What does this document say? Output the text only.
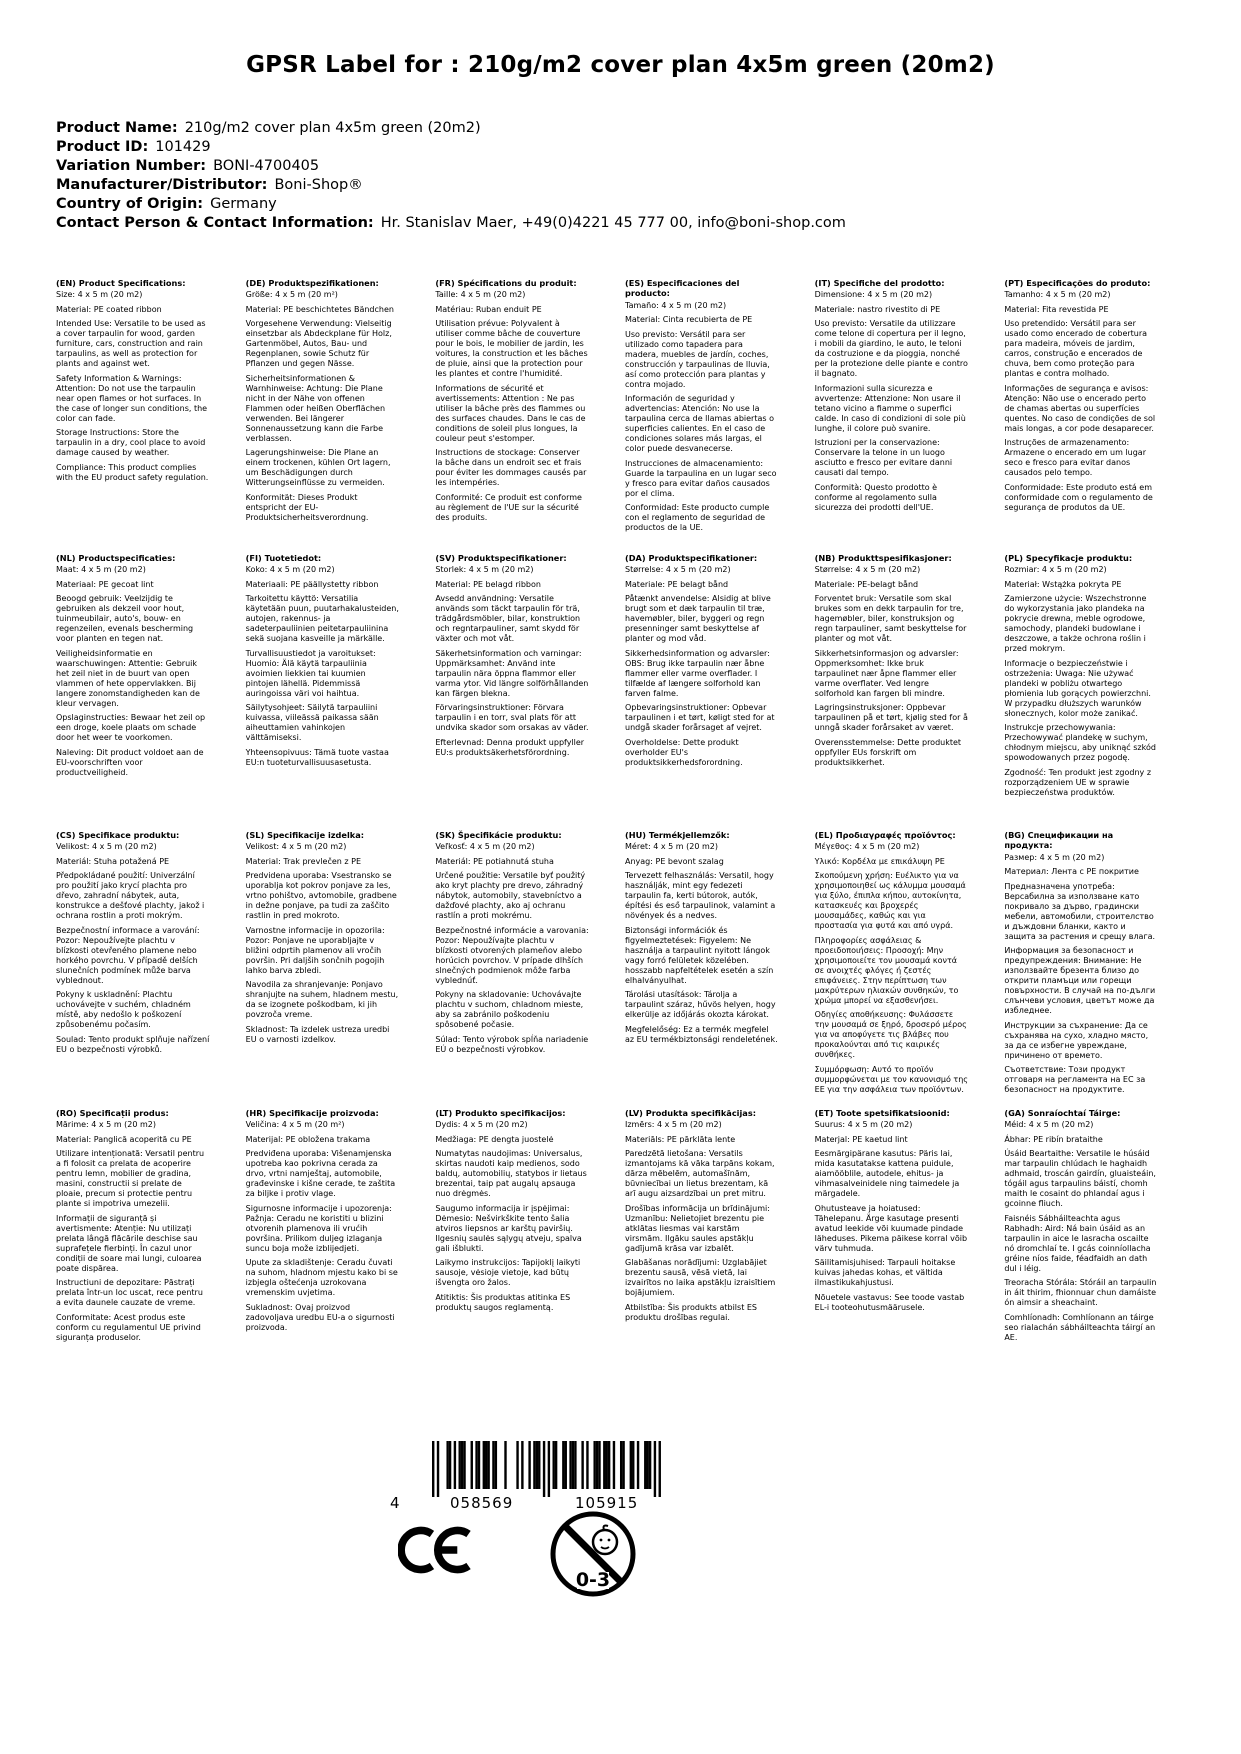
GPSR Label for : 210g/m2 cover plan 4x5m green (20m2)
Product Name: 210g/m2 cover plan 4x5m green (20m2)
Product ID: 101429
Variation Number: BONI-4700405
Manufacturer/Distributor: Boni-Shop®
Country of Origin: Germany
Contact Person & Contact Information: Hr. Stanislav Maer, +49(0)4221 45 777 00, info@boni-shop.com
(EN) Product Specifications:

Size: 4 x 5 m (20 m2)

Material: PE coated ribbon

Intended Use: Versatile to be used as a cover tarpaulin for wood, garden furniture, cars, construction and rain tarpaulins, as well as protection for plants and against wet.

Safety Information & Warnings: Attention: Do not use the tarpaulin near open flames or hot surfaces. In the case of longer sun conditions, the color can fade.

Storage Instructions: Store the tarpaulin in a dry, cool place to avoid damage caused by weather.

Compliance: This product complies with the EU product safety regulation.

(DE) Produktspezifikationen:

Größe: 4 x 5 m (20 m²)

Material: PE beschichtetes Bändchen

Vorgesehene Verwendung: Vielseitig einsetzbar als Abdeckplane für Holz, Gartenmöbel, Autos, Bau- und Regenplanen, sowie Schutz für Pflanzen und gegen Nässe.

Sicherheitsinformationen & Warnhinweise: Achtung: Die Plane nicht in der Nähe von offenen Flammen oder heißen Oberflächen verwenden. Bei längerer Sonnenaussetzung kann die Farbe verblassen.

Lagerungshinweise: Die Plane an einem trockenen, kühlen Ort lagern, um Beschädigungen durch Witterungseinflüsse zu vermeiden.

Konformität: Dieses Produkt entspricht der EU-Produktsicherheitsverordnung.

(FR) Spécifications du produit:

Taille: 4 x 5 m (20 m2)

Matériau: Ruban enduit PE

Utilisation prévue: Polyvalent à utiliser comme bâche de couverture pour le bois, le mobilier de jardin, les voitures, la construction et les bâches de pluie, ainsi que la protection pour les plantes et contre l'humidité.

Informations de sécurité et avertissements: Attention : Ne pas utiliser la bâche près des flammes ou des surfaces chaudes. Dans le cas de conditions de soleil plus longues, la couleur peut s'estomper.

Instructions de stockage: Conserver la bâche dans un endroit sec et frais pour éviter les dommages causés par les intempéries.

Conformité: Ce produit est conforme au règlement de l'UE sur la sécurité des produits.

(ES) Especificaciones del producto:

Tamaño: 4 x 5 m (20 m2)

Material: Cinta recubierta de PE

Uso previsto: Versátil para ser utilizado como tapadera para madera, muebles de jardín, coches, construcción y tarpaulinas de lluvia, así como protección para plantas y contra mojado.

Información de seguridad y advertencias: Atención: No use la tarpaulina cerca de llamas abiertas o superficies calientes. En el caso de condiciones solares más largas, el color puede desvanecerse.

Instrucciones de almacenamiento: Guarde la tarpaulina en un lugar seco y fresco para evitar daños causados por el clima.

Conformidad: Este producto cumple con el reglamento de seguridad de productos de la UE.

(IT) Specifiche del prodotto:

Dimensione: 4 x 5 m (20 m2)

Materiale: nastro rivestito di PE

Uso previsto: Versatile da utilizzare come telone di copertura per il legno, i mobili da giardino, le auto, le teloni da costruzione e da pioggia, nonché per la protezione delle piante e contro il bagnato.

Informazioni sulla sicurezza e avvertenze: Attenzione: Non usare il tetano vicino a fiamme o superfici calde. In caso di condizioni di sole più lunghe, il colore può svanire.

Istruzioni per la conservazione: Conservare la telone in un luogo asciutto e fresco per evitare danni causati dal tempo.

Conformità: Questo prodotto è conforme al regolamento sulla sicurezza dei prodotti dell'UE.

(PT) Especificações do produto:

Tamanho: 4 x 5 m (20 m2)

Material: Fita revestida PE

Uso pretendido: Versátil para ser usado como encerado de cobertura para madeira, móveis de jardim, carros, construção e encerados de chuva, bem como proteção para plantas e contra molhado.

Informações de segurança e avisos: Atenção: Não use o encerado perto de chamas abertas ou superfícies quentes. No caso de condições de sol mais longas, a cor pode desaparecer.

Instruções de armazenamento: Armazene o encerado em um lugar seco e fresco para evitar danos causados pelo tempo.

Conformidade: Este produto está em conformidade com o regulamento de segurança de produtos da UE.

(NL) Productspecificaties:

Maat: 4 x 5 m (20 m2)

Materiaal: PE gecoat lint

Beoogd gebruik: Veelzijdig te gebruiken als dekzeil voor hout, tuinmeubilair, auto's, bouw- en regenzeilen, evenals bescherming voor planten en tegen nat.

Veiligheidsinformatie en waarschuwingen: Attentie: Gebruik het zeil niet in de buurt van open vlammen of hete oppervlakken. Bij langere zonomstandigheden kan de kleur vervagen.

Opslaginstructies: Bewaar het zeil op een droge, koele plaats om schade door het weer te voorkomen.

Naleving: Dit product voldoet aan de EU-voorschriften voor productveiligheid.

(FI) Tuotetiedot:

Koko: 4 x 5 m (20 m2)

Materiaali: PE päällystetty ribbon

Tarkoitettu käyttö: Versatilia käytetään puun, puutarhakalusteiden, autojen, rakennus- ja sadeterpauliinien peitetarpauliinina sekä suojana kasveille ja märkälle.

Turvallisuustiedot ja varoitukset: Huomio: Älä käytä tarpauliinia avoimien liekkien tai kuumien pintojen lähellä. Pidemmissä auringoissa väri voi haihtua.

Säilytysohjeet: Säilytä tarpauliini kuivassa, viileässä paikassa sään aiheuttamien vahinkojen välttämiseksi.

Yhteensopivuus: Tämä tuote vastaa EU:n tuoteturvallisuusasetusta.

(SV) Produktspecifikationer:

Storlek: 4 x 5 m (20 m2)

Material: PE belagd ribbon

Avsedd användning: Versatile används som täckt tarpaulin för trä, trädgårdsmöbler, bilar, konstruktion och regntarpauliner, samt skydd för växter och mot våt.

Säkerhetsinformation och varningar: Uppmärksamhet: Använd inte tarpaulin nära öppna flammor eller varma ytor. Vid längre solförhållanden kan färgen blekna.

Förvaringsinstruktioner: Förvara tarpaulin i en torr, sval plats för att undvika skador som orsakas av väder.

Efterlevnad: Denna produkt uppfyller EU:s produktsäkerhetsförordning.

(DA) Produktspecifikationer:

Størrelse: 4 x 5 m (20 m2)

Materiale: PE belagt bånd

Påtænkt anvendelse: Alsidig at blive brugt som et dæk tarpaulin til træ, havemøbler, biler, byggeri og regn presenninger samt beskyttelse af planter og mod våd.

Sikkerhedsinformation og advarsler: OBS: Brug ikke tarpaulin nær åbne flammer eller varme overflader. I tilfælde af længere solforhold kan farven falme.

Opbevaringsinstruktioner: Opbevar tarpaulinen i et tørt, køligt sted for at undgå skader forårsaget af vejret.

Overholdelse: Dette produkt overholder EU's produktsikkerhedsforordning.

(NB) Produkttspesifikasjoner:

Størrelse: 4 x 5 m (20 m2)

Materiale: PE-belagt bånd

Forventet bruk: Versatile som skal brukes som en dekk tarpaulin for tre, hagemøbler, biler, konstruksjon og regn tarpauliner, samt beskyttelse for planter og mot våt.

Sikkerhetsinformasjon og advarsler: Oppmerksomhet: Ikke bruk tarpaulinet nær åpne flammer eller varme overflater. Ved lengre solforhold kan fargen bli mindre.

Lagringsinstruksjoner: Oppbevar tarpaulinen på et tørt, kjølig sted for å unngå skader forårsaket av været.

Overensstemmelse: Dette produktet oppfyller EUs forskrift om produktsikkerhet.

(PL) Specyfikacje produktu:

Rozmiar: 4 x 5 m (20 m2)

Materiał: Wstążka pokryta PE

Zamierzone użycie: Wszechstronne do wykorzystania jako plandeka na pokrycie drewna, meble ogrodowe, samochody, plandeki budowlane i deszczowe, a także ochrona roślin i przed mokrym.

Informacje o bezpieczeństwie i ostrzeżenia: Uwaga: Nie używać plandeki w pobliżu otwartego płomienia lub gorących powierzchni. W przypadku dłuższych warunków słonecznych, kolor może zanikać.

Instrukcje przechowywania: Przechowywać plandekę w suchym, chłodnym miejscu, aby uniknąć szkód spowodowanych przez pogodę.

Zgodność: Ten produkt jest zgodny z rozporządzeniem UE w sprawie bezpieczeństwa produktów.

(CS) Specifikace produktu:

Velikost: 4 x 5 m (20 m2)

Materiál: Stuha potažená PE

Předpokládané použití: Univerzální pro použití jako krycí plachta pro dřevo, zahradní nábytek, auta, konstrukce a dešťové plachty, jakož i ochrana rostlin a proti mokrým.

Bezpečnostní informace a varování: Pozor: Nepoužívejte plachtu v blízkosti otevřeného plamene nebo horkého povrchu. V případě delších slunečních podmínek může barva vyblednout.

Pokyny k uskladnění: Plachtu uchovávejte v suchém, chladném místě, aby nedošlo k poškození způsobenému počasím.

Soulad: Tento produkt splňuje nařízení EU o bezpečnosti výrobků.

(SL) Specifikacije izdelka:

Velikost: 4 x 5 m (20 m2)

Material: Trak prevlečen z PE

Predvidena uporaba: Vsestransko se uporablja kot pokrov ponjave za les, vrtno pohištvo, avtomobile, gradbene in dežne ponjave, pa tudi za zaščito rastlin in pred mokroto.

Varnostne informacije in opozorila: Pozor: Ponjave ne uporabljajte v bližini odprtih plamenov ali vročih površin. Pri daljših sončnih pogojih lahko barva zbledi.

Navodila za shranjevanje: Ponjavo shranjujte na suhem, hladnem mestu, da se izognete poškodbam, ki jih povzroča vreme.

Skladnost: Ta izdelek ustreza uredbi EU o varnosti izdelkov.

(SK) Špecifikácie produktu:

Veľkosť: 4 x 5 m (20 m2)

Materiál: PE potiahnutá stuha

Určené použitie: Versatile byť použitý ako kryt plachty pre drevo, záhradný nábytok, automobily, stavebníctvo a dažďové plachty, ako aj ochranu rastlín a proti mokrému.

Bezpečnostné informácie a varovania: Pozor: Nepoužívajte plachtu v blízkosti otvorených plameňov alebo horúcich povrchov. V prípade dlhších slnečných podmienok môže farba vyblednúť.

Pokyny na skladovanie: Uchovávajte plachtu v suchom, chladnom mieste, aby sa zabránilo poškodeniu spôsobené počasie.

Súlad: Tento výrobok spĺňa nariadenie EÚ o bezpečnosti výrobkov.

(HU) Termékjellemzők:

Méret: 4 x 5 m (20 m2)

Anyag: PE bevont szalag

Tervezett felhasználás: Versatil, hogy használják, mint egy fedezeti tarpaulin fa, kerti bútorok, autók, építési és eső tarpaulinok, valamint a növények és a nedves.

Biztonsági információk és figyelmeztetések: Figyelem: Ne használja a tarpaulint nyitott lángok vagy forró felületek közelében. hosszabb napfeltételek esetén a szín elhalványulhat.

Tárolási utasítások: Tárolja a tarpaulint száraz, hűvös helyen, hogy elkerülje az időjárás okozta károkat.

Megfelelőség: Ez a termék megfelel az EU termékbiztonsági rendeletének.

(EL) Προδιαγραφές προϊόντος:

Μέγεθος: 4 x 5 m (20 m2)

Υλικό: Κορδέλα με επικάλυψη PE

Σκοπούμενη χρήση: Ευέλικτο για να χρησιμοποιηθεί ως κάλυμμα μουσαμά για ξύλο, έπιπλα κήπου, αυτοκίνητα, κατασκευές και βροχερές μουσαμάδες, καθώς και για προστασία για φυτά και από υγρά.

Πληροφορίες ασφάλειας & προειδοποιήσεις: Προσοχή: Μην χρησιμοποιείτε τον μουσαμά κοντά σε ανοιχτές φλόγες ή ζεστές επιφάνειες. Στην περίπτωση των μακρύτερων ηλιακών συνθηκών, το χρώμα μπορεί να εξασθενήσει.

Οδηγίες αποθήκευσης: Φυλάσσετε την μουσαμά σε ξηρό, δροσερό μέρος για να αποφύγετε τις βλάβες που προκαλούνται από τις καιρικές συνθήκες.

Συμμόρφωση: Αυτό το προϊόν συμμορφώνεται με τον κανονισμό της ΕΕ για την ασφάλεια των προϊόντων.

(BG) Спецификации на продукта:

Размер: 4 x 5 m (20 m2)

Материал: Лента с PE покритие

Предназначена употреба: Версабилна за използване като покривало за дърво, градински мебели, автомобили, строителство и дъждовни бланки, както и защита за растения и срещу влага.

Информация за безопасност и предупреждения: Внимание: Не използвайте брезента близо до открити пламъци или горещи повърхности. В случай на по-дълги слънчеви условия, цветът може да избледнее.

Инструкции за съхранение: Да се съхранява на сухо, хладно място, за да се избегне увреждане, причинено от времето.

Съответствие: Този продукт отговаря на регламента на ЕС за безопасност на продуктите.

(RO) Specificații produs:

Mărime: 4 x 5 m (20 m2)

Material: Panglică acoperită cu PE

Utilizare intenționată: Versatil pentru a fi folosit ca prelata de acoperire pentru lemn, mobilier de gradina, masini, constructii si prelate de ploaie, precum si protectie pentru plante si impotriva umezelii.

Informații de siguranță și avertismente: Atenție: Nu utilizați prelata lângă flăcările deschise sau suprafețele fierbinți. În cazul unor condiții de soare mai lungi, culoarea poate dispărea.

Instructiuni de depozitare: Păstrați prelata într-un loc uscat, rece pentru a evita daunele cauzate de vreme.

Conformitate: Acest produs este conform cu regulamentul UE privind siguranța produselor.

(HR) Specifikacije proizvoda:

Veličina: 4 x 5 m (20 m²)

Materijal: PE obložena trakama

Predviđena uporaba: Višenamjenska upotreba kao pokrivna cerada za drvo, vrtni namještaj, automobile, građevinske i kišne cerade, te zaštita za biljke i protiv vlage.

Sigurnosne informacije i upozorenja: Pažnja: Ceradu ne koristiti u blizini otvorenih plamenova ili vrućih površina. Prilikom duljeg izlaganja suncu boja može izblijedjeti.

Upute za skladištenje: Ceradu čuvati na suhom, hladnom mjestu kako bi se izbjegla oštećenja uzrokovana vremenskim uvjetima.

Sukladnost: Ovaj proizvod zadovoljava uredbu EU-a o sigurnosti proizvoda.

(LT) Produkto specifikacijos:

Dydis: 4 x 5 m (20 m2)

Medžiaga: PE dengta juostelė

Numatytas naudojimas: Universalus, skirtas naudoti kaip medienos, sodo baldų, automobilių, statybos ir lietaus brezentai, taip pat augalų apsauga nuo drėgmės.

Saugumo informacija ir įspėjimai: Dėmesio: Nešvirkškite tento šalia atviros liepsnos ar karštų paviršių. Ilgesnių saulės sąlygų atveju, spalva gali išblukti.

Laikymo instrukcijos: Tapijoklį laikyti sausoje, vėsioje vietoje, kad būtų išvengta oro žalos.

Atitiktis: Šis produktas atitinka ES produktų saugos reglamentą.

(LV) Produkta specifikācijas:

Izmērs: 4 x 5 m (20 m2)

Materiāls: PE pārklāta lente

Paredzētā lietošana: Versatils izmantojams kā vāka tarpāns kokam, dārza mēbelēm, automašīnām, būvniecībai un lietus brezentam, kā arī augu aizsardzībai un pret mitru.

Drošības informācija un brīdinājumi: Uzmanību: Nelietojiet brezentu pie atklātas liesmas vai karstām virsmām. Ilgāku saules apstākļu gadījumā krāsa var izbalēt.

Glabāšanas norādījumi: Uzglabājiet brezentu sausā, vēsā vietā, lai izvairītos no laika apstākļu izraisītiem bojājumiem.

Atbilstība: Šis produkts atbilst ES produktu drošības regulai.

(ET) Toote spetsifikatsioonid:

Suurus: 4 x 5 m (20 m2)

Materjal: PE kaetud lint

Eesmärgipärane kasutus: Päris lai, mida kasutatakse kattena puidule, aiamööblile, autodele, ehitus- ja vihmasalveinidele ning taimedele ja märgadele.

Ohutusteave ja hoiatused: Tähelepanu. Ärge kasutage presenti avatud leekide või kuumade pindade läheduses. Pikema päikese korral võib värv tuhmuda.

Säilitamisjuhised: Tarpauli hoitakse kuivas jahedas kohas, et vältida ilmastikukahjustusi.

Nõuetele vastavus: See toode vastab EL-i tooteohutusmäärusele.

(GA) Sonraíochtaí Táirge:

Méid: 4 x 5 m (20 m2)

Ábhar: PE ribín brataithe

Úsáid Beartaithe: Versatile le húsáid mar tarpaulin chlúdach le haghaidh adhmaid, troscán gairdín, gluaisteáin, tógáil agus tarpaulins báistí, chomh maith le cosaint do phlandaí agus i gcoinne fliuch.

Faisnéis Sábháilteachta agus Rabhadh: Aird: Ná bain úsáid as an tarpaulin in aice le lasracha oscailte nó dromchlaí te. I gcás coinníollacha gréine níos faide, féadfaidh an dath dul i léig.

Treoracha Stórála: Stóráil an tarpaulin in áit thirim, fhionnuar chun damáiste ón aimsir a sheachaint.

Comhlíonadh: Comhlíonann an táirge seo rialachán sábháilteachta táirgí an AE.

4	058569	105915
0-3
